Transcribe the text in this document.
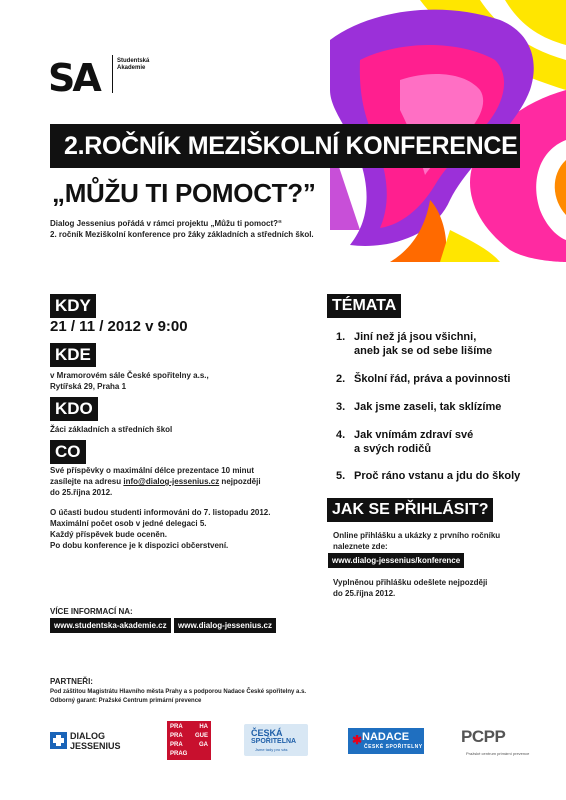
SA	Studentská
Akademie
2.ROČNÍK MEZIŠKOLNÍ KONFERENCE
„MŮŽU TI POMOCT?”
Dialog Jessenius pořádá v rámci projektu „Můžu ti pomoct?“
2. ročník Meziškolní konference pro žáky základních a středních škol.
KDY
21 / 11 / 2012 v 9:00
KDE
v Mramorovém sále České spořitelny a.s.,
Rytířská 29, Praha 1
KDO
Žáci základních a středních škol
CO
Své příspěvky o maximální délce prezentace 10 minut
zasílejte na adresu info@dialog-jessenius.cz nejpozději
do 25.října 2012.
O účasti budou studenti informováni do 7. listopadu 2012.
Maximální počet osob v jedné delegaci 5.
Každý příspěvek bude oceněn.
Po dobu konference je k dispozici občerstvení.
VÍCE INFORMACÍ NA:
www.studentska-akademie.cz	www.dialog-jessenius.cz
PARTNEŘI:
Pod záštitou Magistrátu Hlavního města Prahy a s podporou Nadace České spořitelny a.s.
Odborný garant: Pražské Centrum primární prevence
TÉMATA
1. Jiní než já jsou všichni,
aneb jak se od sebe lišíme
2. Školní řád, práva a povinnosti
3. Jak jsme zaseli, tak sklízíme
4. Jak vnímám zdraví své
a svých rodičů
5. Proč ráno vstanu a jdu do školy
JAK SE PŘIHLÁSIT?
Online přihlášku a ukázky z prvního ročníku
naleznete zde:
www.dialog-jessenius/konference
Vyplněnou přihlášku odešlete nejpozději
do 25.října 2012.
DIALOG
JESSENIUS
PRA	HA
PRA GUE
PRA	GA
PRAG
ČESKÁ
SPOŘITELNA
Jsme tady pro vás
✱ NADACE
ČESKÉ SPOŘITELNY
PCPP
Pražské centrum primární prevence
